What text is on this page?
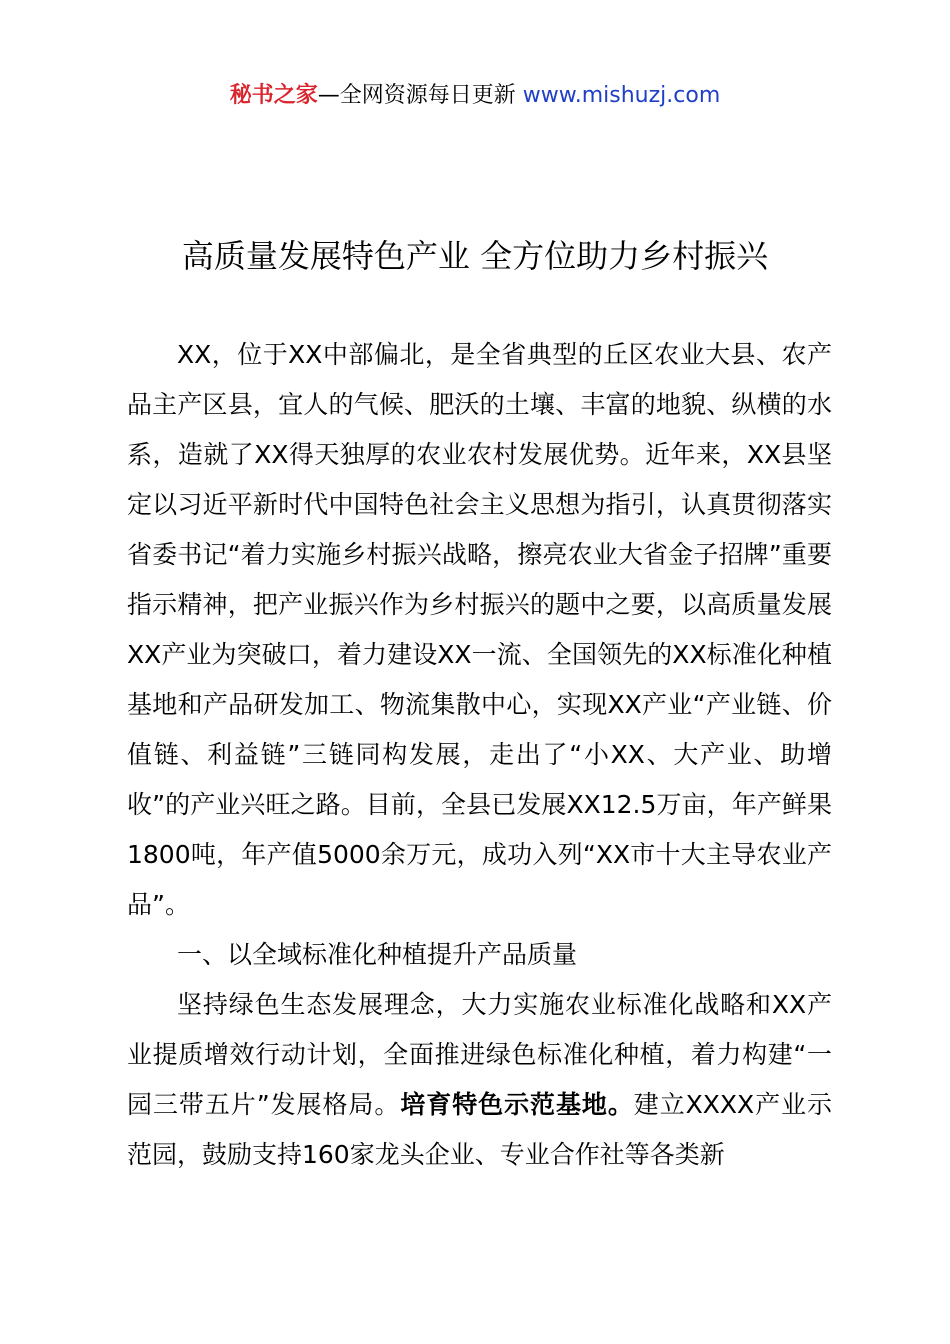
秘书之家—全网资源每日更新 www.mishuzj.com
高质量发展特色产业 全方位助力乡村振兴

XX，位于XX中部偏北，是全省典型的丘区农业大县、农产品主产区县，宜人的气候、肥沃的土壤、丰富的地貌、纵横的水系，造就了XX得天独厚的农业农村发展优势。近年来，XX县坚定以习近平新时代中国特色社会主义思想为指引，认真贯彻落实省委书记“着力实施乡村振兴战略，擦亮农业大省金子招牌”重要指示精神，把产业振兴作为乡村振兴的题中之要，以高质量发展XX产业为突破口，着力建设XX一流、全国领先的XX标准化种植基地和产品研发加工、物流集散中心，实现XX产业“产业链、价值链、利益链”三链同构发展，走出了“小XX、大产业、助增收”的产业兴旺之路。目前，全县已发展XX12.5万亩，年产鲜果1800吨，年产值5000余万元，成功入列“XX市十大主导农业产品”。

一、以全域标准化种植提升产品质量

坚持绿色生态发展理念，大力实施农业标准化战略和XX产业提质增效行动计划，全面推进绿色标准化种植，着力构建“一园三带五片”发展格局。培育特色示范基地。建立XXXX产业示范园，鼓励支持160家龙头企业、专业合作社等各类新
